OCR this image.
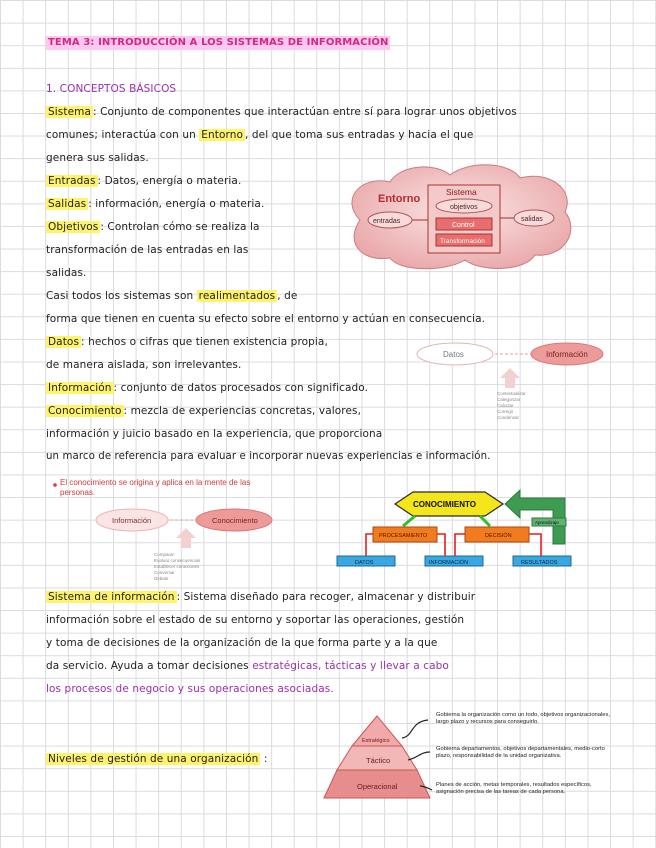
TEMA 3: INTRODUCCIÓN A LOS SISTEMAS DE INFORMACIÓN
1. CONCEPTOS BÁSICOS
Sistema : Conjunto de componentes que interactúan entre sí para lograr unos objetivos
comunes; interactúa con un Entorno , del que toma sus entradas y hacia el que
genera sus salidas.
Entradas : Datos, energía o materia.
Salidas : información, energía o materia.
Objetivos : Controlan cómo se realiza la
transformación de las entradas en las
salidas.
Casi todos los sistemas son realimentados , de
forma que tienen en cuenta su efecto sobre el entorno y actúan en consecuencia.
Datos : hechos o cifras que tienen existencia propia,
de manera aislada, son irrelevantes.
Información : conjunto de datos procesados con significado.
Conocimiento : mezcla de experiencias concretas, valores,
información y juicio basado en la experiencia, que proporciona
un marco de referencia para evaluar e incorporar nuevas experiencias e información.
Entorno
Sistema
objetivos
Control
Transformación
entradas	salidas
Datos	Información
Contextualizar
Categorizar
Calcular
Corregir
Condensar
El conocimiento se origina y aplica en la mente de las personas.
Información	Conocimiento
Comparar
Evaluar consecuencias
Establecer conexiones
Conversar
Debatir
Aprendizaje
CONOCIMIENTO
PROCESAMIENTO	DECISIÓN
DATOS	INFORMACIÓN	RESULTADOS
Sistema de información : Sistema diseñado para recoger, almacenar y distribuir
información sobre el estado de su entorno y soportar las operaciones, gestión
y toma de decisiones de la organización de la que forma parte y a la que
da servicio. Ayuda a tomar decisiones estratégicas, tácticas y llevar a cabo
los procesos de negocio y sus operaciones asociadas.
Niveles de gestión de una organización :
Estratégico
Táctico
Operacional
Gobierna la organización como un todo, objetivos organizacionales, largo plazo y recursos para conseguirlo.
Gobierna departamentos, objetivos departamentales, medio-corto plazo, responsabilidad de la unidad organizativa.
Planes de acción, metas temporales, resultados específicos, asignación precisa de las tareas de cada persona.
